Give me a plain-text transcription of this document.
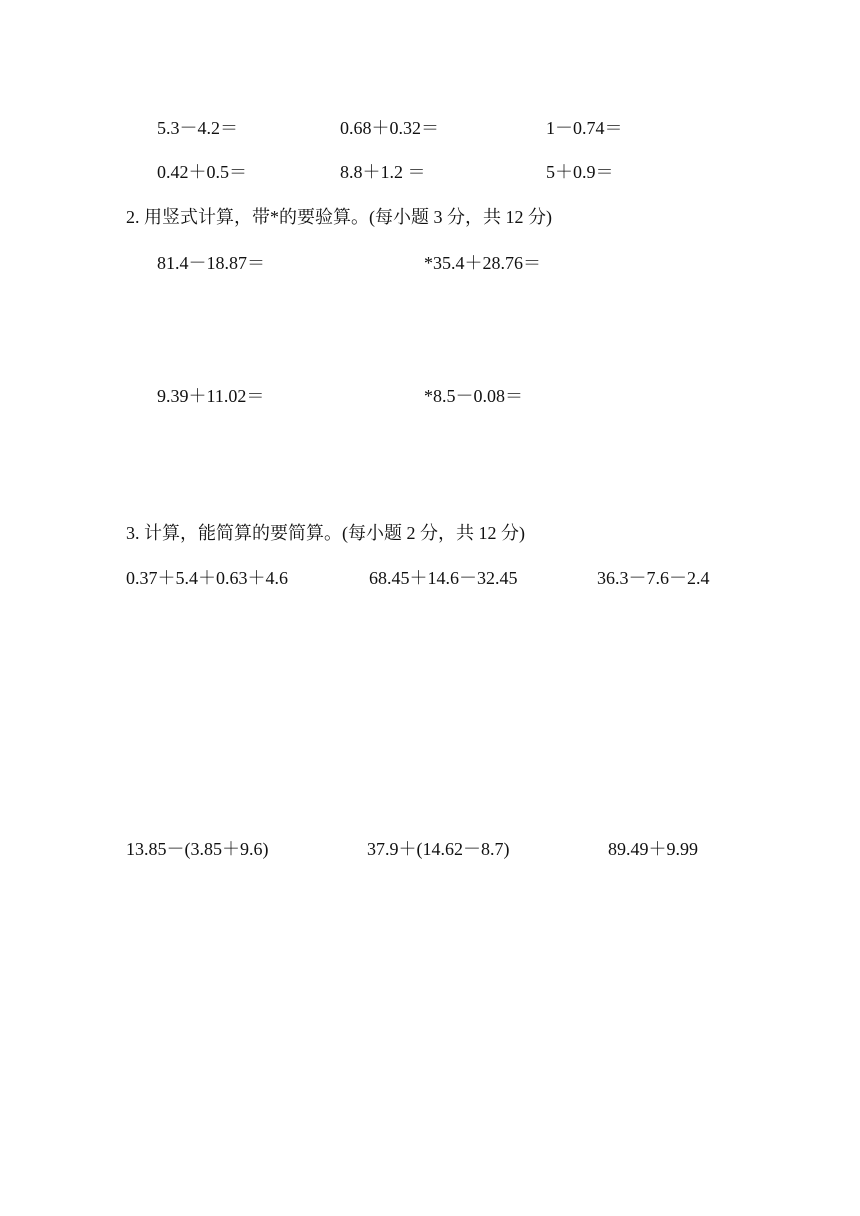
5.3－4.2＝	0.68＋0.32＝	1－0.74＝
0.42＋0.5＝	8.8＋1.2 ＝	5＋0.9＝
2. 用竖式计算，带*的要验算。(每小题 3 分，共 12 分)
81.4－18.87＝	*35.4＋28.76＝
9.39＋11.02＝	*8.5－0.08＝
3. 计算，能简算的要简算。(每小题 2 分，共 12 分)
0.37＋5.4＋0.63＋4.6	68.45＋14.6－32.45	36.3－7.6－2.4
13.85－(3.85＋9.6)	37.9＋(14.62－8.7)	89.49＋9.99
